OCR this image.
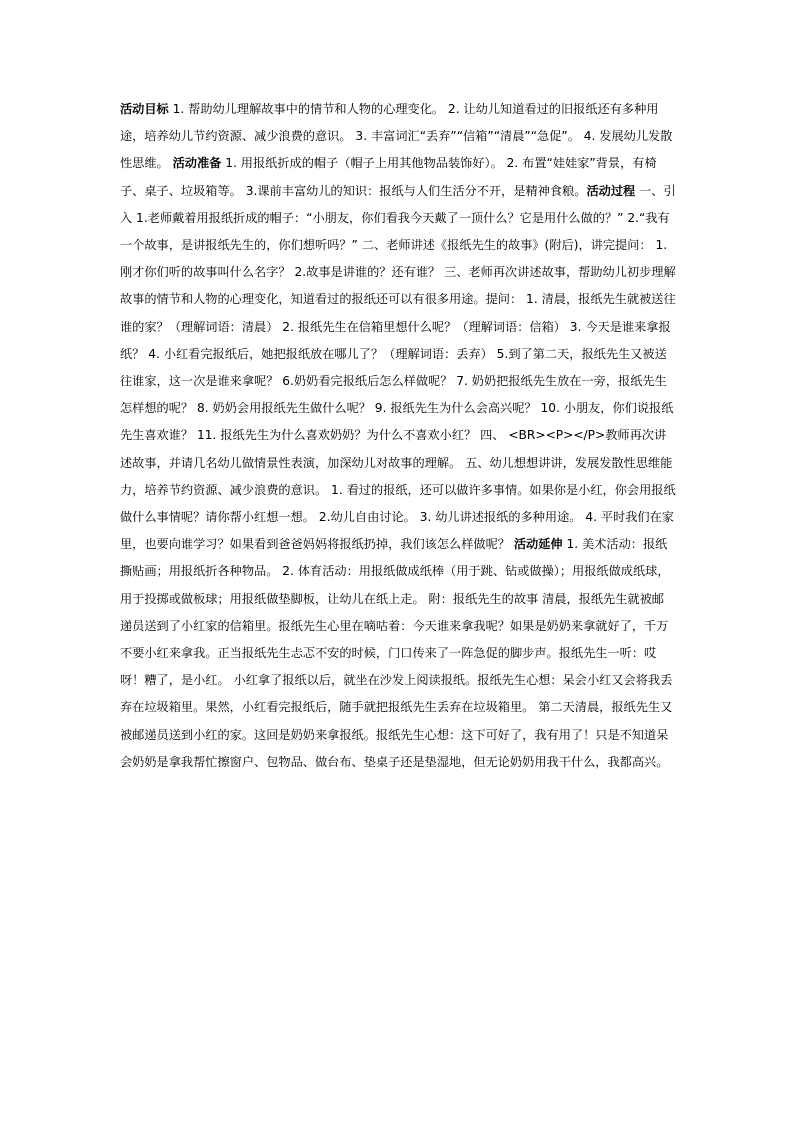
活动目标 1. 帮助幼儿理解故事中的情节和人物的心理变化。 2. 让幼儿知道看过的旧报纸还有多种用途，培养幼儿节约资源、减少浪费的意识。 3. 丰富词汇“丢弃”“信箱”“清晨”“急促”。 4. 发展幼儿发散性思维。 活动准备 1. 用报纸折成的帽子（帽子上用其他物品装饰好）。 2. 布置“娃娃家”背景，有椅子、桌子、垃圾箱等。 3.课前丰富幼儿的知识：报纸与人们生活分不开，是精神食粮。活动过程 一、引入 1.老师戴着用报纸折成的帽子：“小朋友，你们看我今天戴了一顶什么？它是用什么做的？” 2.“我有一个故事，是讲报纸先生的，你们想听吗？” 二、老师讲述《报纸先生的故事》(附后)，讲完提问： 1.刚才你们听的故事叫什么名字？ 2.故事是讲谁的？还有谁？ 三、老师再次讲述故事，帮助幼儿初步理解故事的情节和人物的心理变化，知道看过的报纸还可以有很多用途。提问： 1. 清晨，报纸先生就被送往谁的家？（理解词语：清晨） 2. 报纸先生在信箱里想什么呢？（理解词语：信箱） 3. 今天是谁来拿报纸？ 4. 小红看完报纸后，她把报纸放在哪儿了？（理解词语：丢弃） 5.到了第二天，报纸先生又被送往谁家，这一次是谁来拿呢？ 6.奶奶看完报纸后怎么样做呢？ 7. 奶奶把报纸先生放在一旁，报纸先生怎样想的呢？ 8. 奶奶会用报纸先生做什么呢？ 9. 报纸先生为什么会高兴呢？ 10. 小朋友，你们说报纸先生喜欢谁？ 11. 报纸先生为什么喜欢奶奶？为什么不喜欢小红？ 四、 <BR><P></P>教师再次讲述故事，并请几名幼儿做情景性表演，加深幼儿对故事的理解。 五、幼儿想想讲讲，发展发散性思维能力，培养节约资源、减少浪费的意识。 1. 看过的报纸，还可以做许多事情。如果你是小红，你会用报纸做什么事情呢？请你帮小红想一想。 2.幼儿自由讨论。 3. 幼儿讲述报纸的多种用途。 4. 平时我们在家里，也要向谁学习？如果看到爸爸妈妈将报纸扔掉，我们该怎么样做呢？ 活动延伸 1. 美术活动：报纸撕贴画；用报纸折各种物品。 2. 体育活动：用报纸做成纸棒（用于跳、钻或做操）；用报纸做成纸球，用于投掷或做板球；用报纸做垫脚板，让幼儿在纸上走。 附：报纸先生的故事 清晨，报纸先生就被邮递员送到了小红家的信箱里。报纸先生心里在嘀咕着：今天谁来拿我呢？如果是奶奶来拿就好了，千万不要小红来拿我。正当报纸先生忐忑不安的时候，门口传来了一阵急促的脚步声。报纸先生一听：哎呀！糟了，是小红。 小红拿了报纸以后，就坐在沙发上阅读报纸。报纸先生心想：呆会小红又会将我丢弃在垃圾箱里。果然，小红看完报纸后，随手就把报纸先生丢弃在垃圾箱里。 第二天清晨，报纸先生又被邮递员送到小红的家。这回是奶奶来拿报纸。报纸先生心想：这下可好了，我有用了！只是不知道呆会奶奶是拿我帮忙擦窗户、包物品、做台布、垫桌子还是垫湿地，但无论奶奶用我干什么，我都高兴。
